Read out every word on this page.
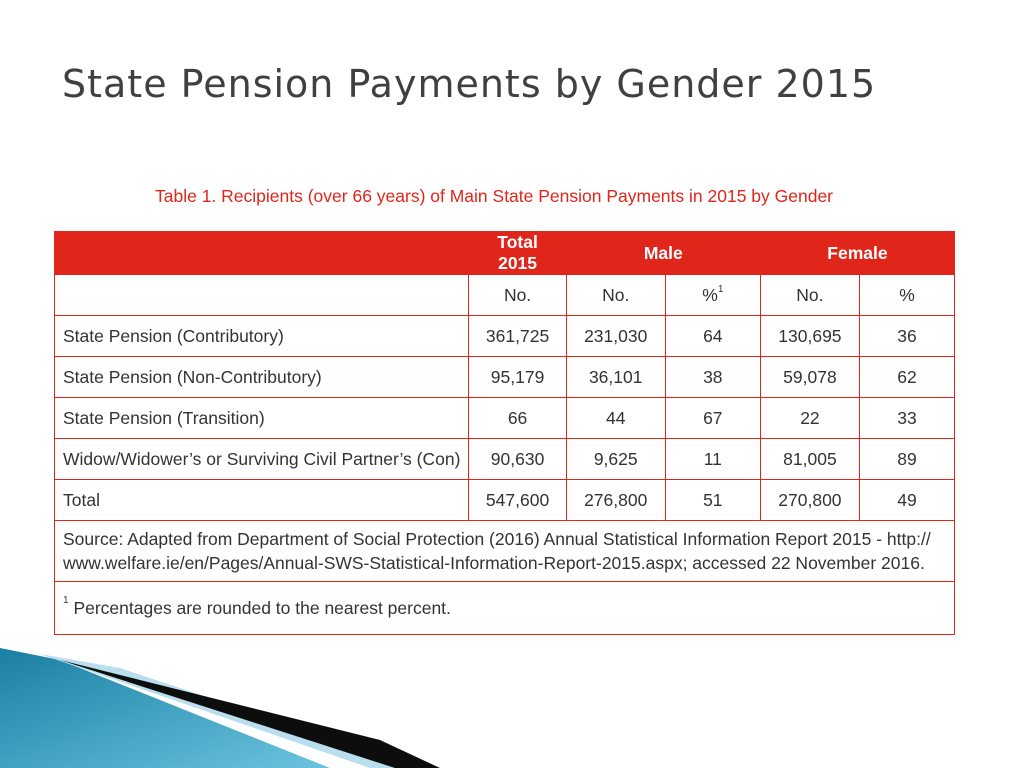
State Pension Payments by Gender 2015
Table 1. Recipients (over 66 years) of Main State Pension Payments in 2015 by Gender
	Total 2015	Male		Female	
	No.	No.	%$^1$	No.	%
State Pension (Contributory)	361,725	231,030	64	130,695	36
State Pension (Non-Contributory)	95,179	36,101	38	59,078	62
State Pension (Transition)	66	44	67	22	33
Widow/Widower’s or Surviving Civil Partner’s (Con)	90,630	9,625	11	81,005	89
Total	547,600	276,800	51	270,800	49

Source: Adapted from Department of Social Protection (2016) Annual Statistical Information Report 2015 - http://
www.welfare.ie/en/Pages/Annual-SWS-Statistical-Information-Report-2015.aspx; accessed 22 November 2016.					

$^1$ Percentages are rounded to the nearest percent.					
